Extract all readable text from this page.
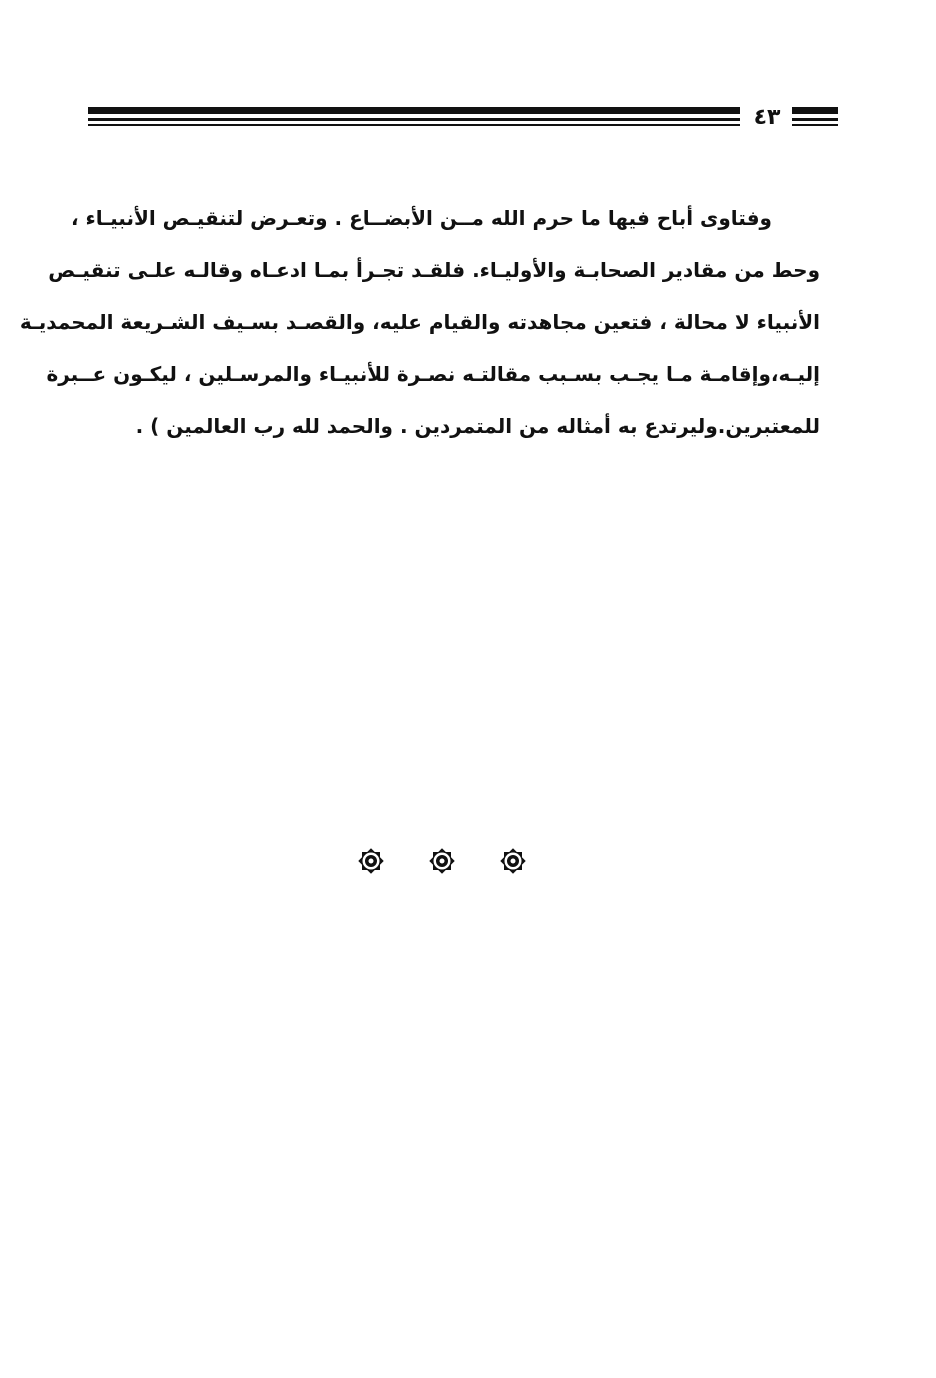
٤٣
وفتاوى أباح فيها ما حرم الله مــن الأبضــاع . وتعـرض لتنقيـص الأنبيـاء ،
وحط من مقادير الصحابـة والأوليـاء. فلقـد تجـرأ بمـا ادعـاه وقالـه علـى تنقيـص
الأنبياء لا محالة ، فتعين مجاهدته والقيام عليه، والقصـد بسـيف الشـريعة المحمديـة
إليـه،وإقامـة مـا يجـب بسـبب مقالتـه نصـرة للأنبيـاء والمرسـلين ، ليكـون عــبرة
للمعتبرين.وليرتدع به أمثاله من المتمردين . والحمد لله رب العالمين ) .
